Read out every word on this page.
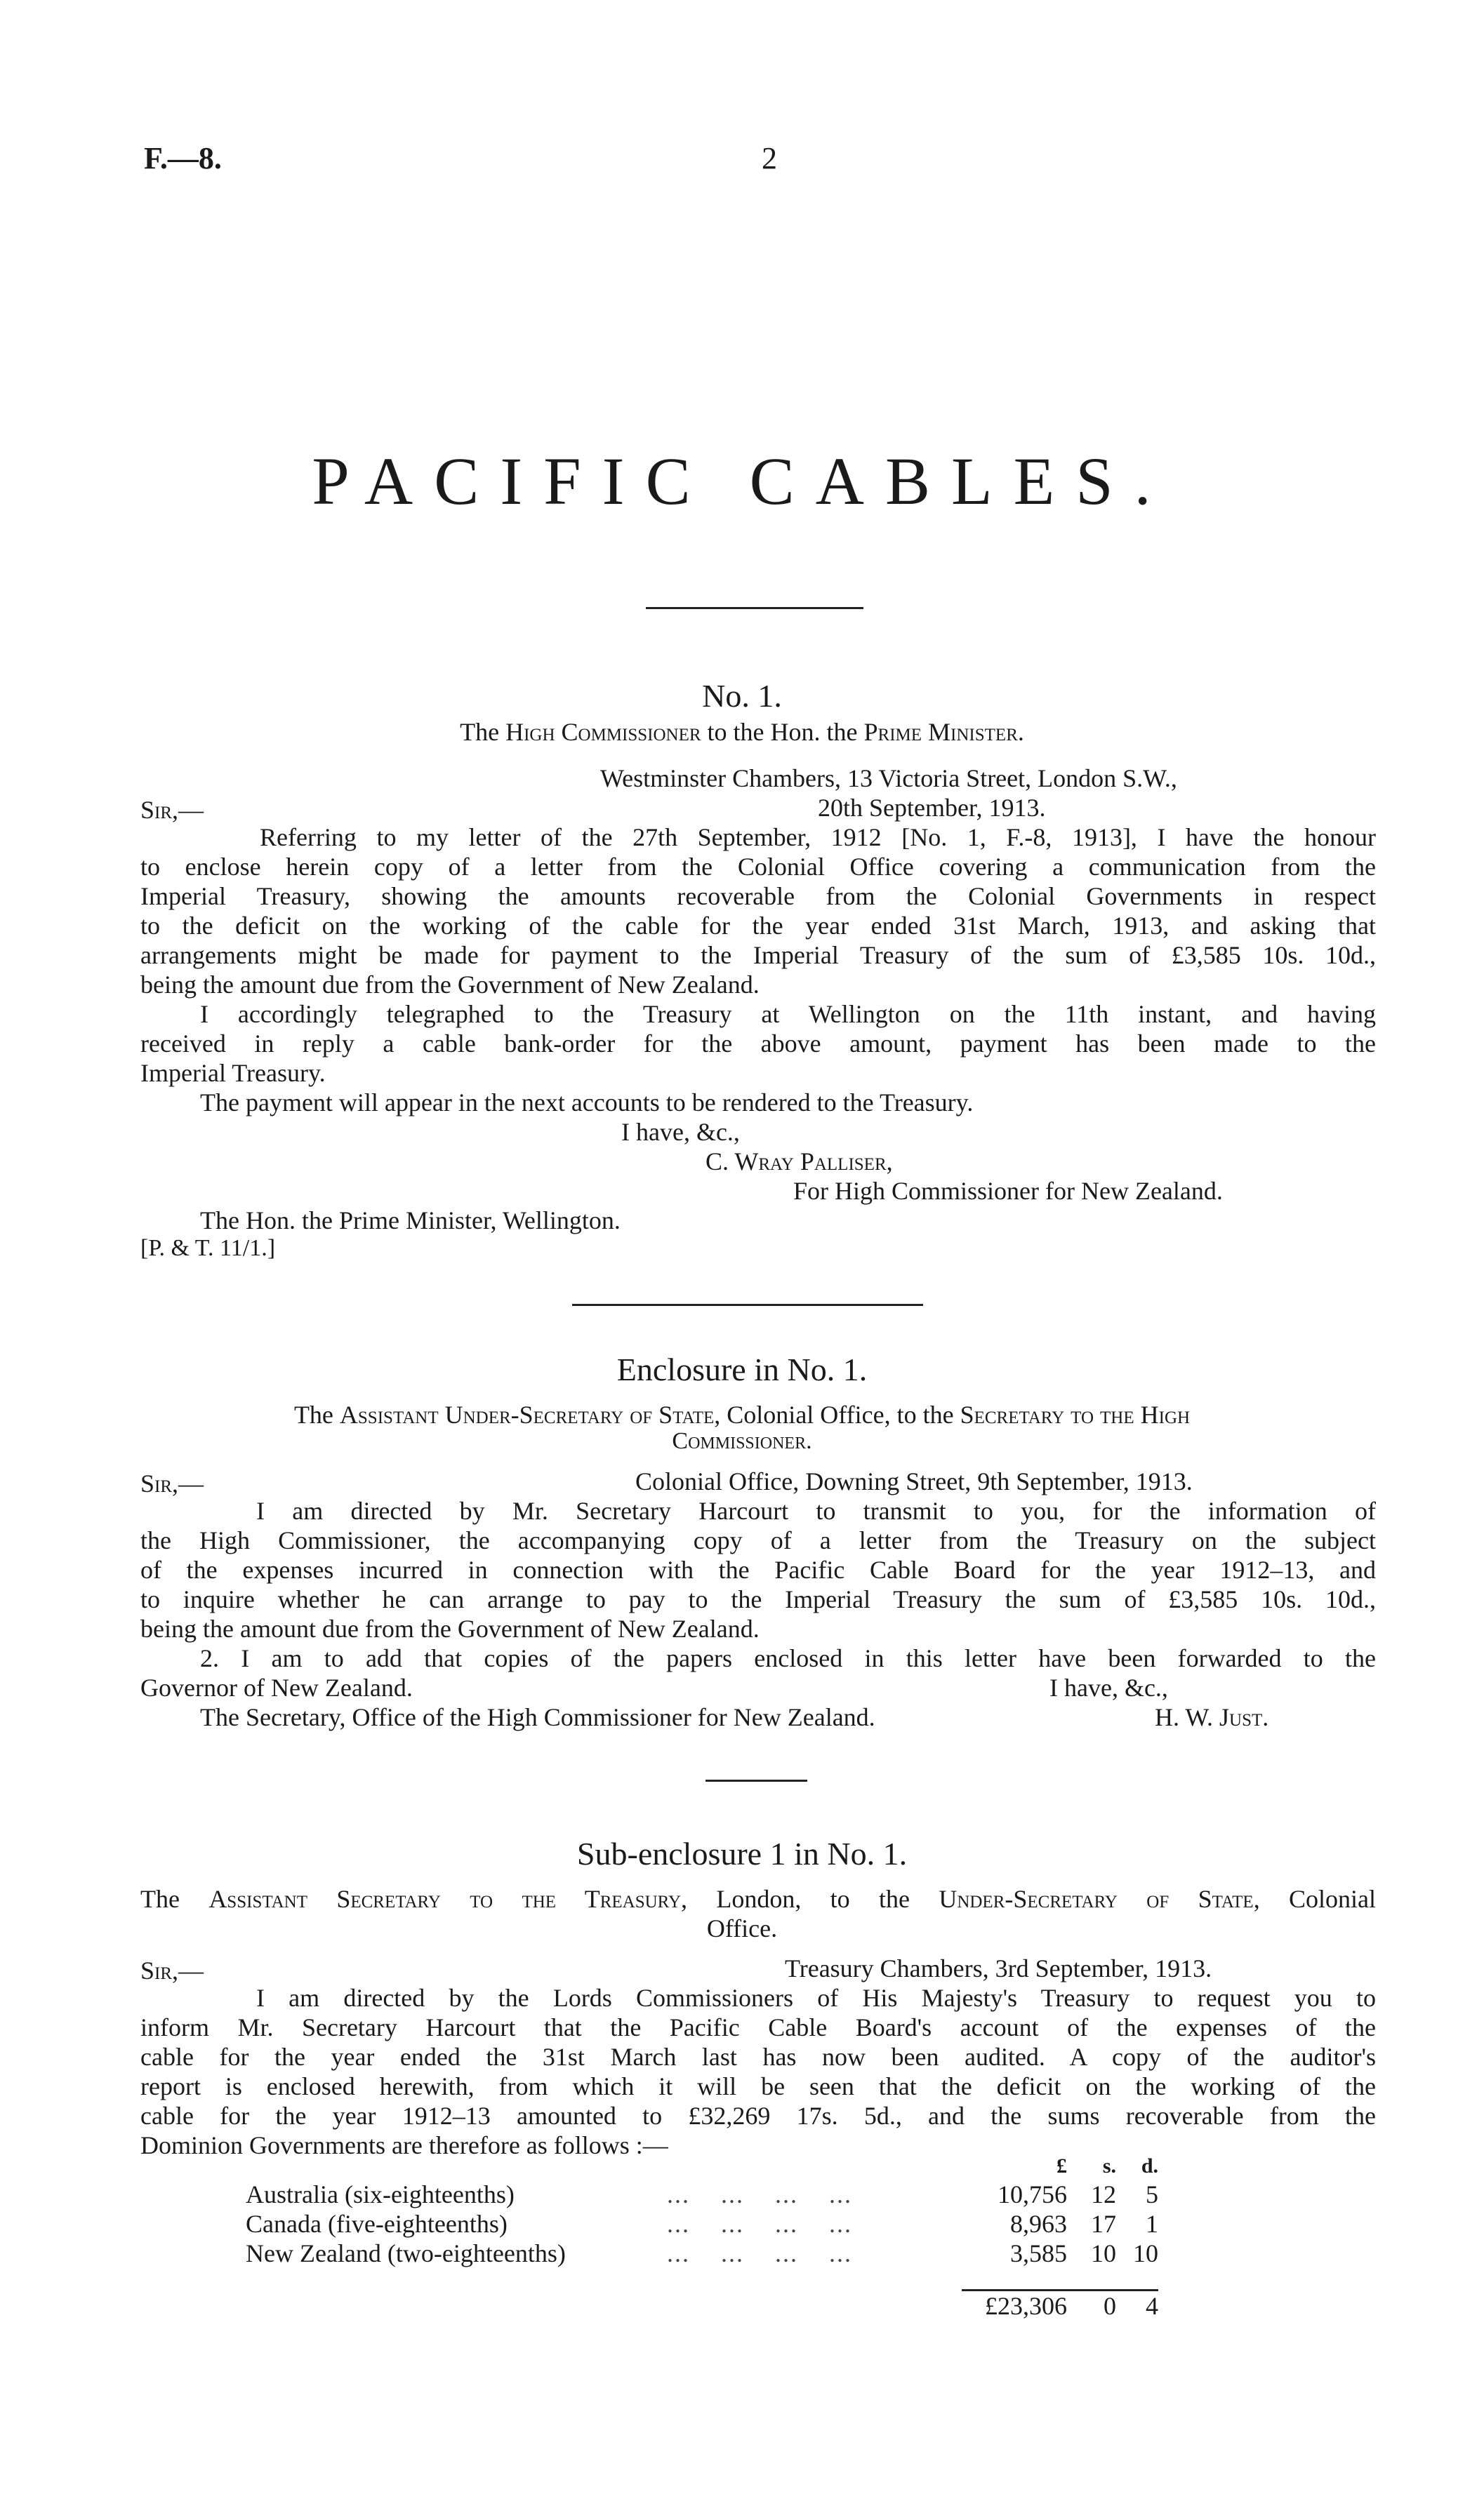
F.—8.	2
PACIFIC CABLES.
No. 1.
The High Commissioner to the Hon. the Prime Minister.
Westminster Chambers, 13 Victoria Street, London S.W.,
Sir,—	20th September, 1913.
Referring to my letter of the 27th September, 1912 [No. 1, F.-8, 1913], I have the honour
to enclose herein copy of a letter from the Colonial Office covering a communication from the
Imperial Treasury, showing the amounts recoverable from the Colonial Governments in respect
to the deficit on the working of the cable for the year ended 31st March, 1913, and asking that
arrangements might be made for payment to the Imperial Treasury of the sum of £3,585 10s. 10d.,
being the amount due from the Government of New Zealand.
I accordingly telegraphed to the Treasury at Wellington on the 11th instant, and having
received in reply a cable bank-order for the above amount, payment has been made to the
Imperial Treasury.
The payment will appear in the next accounts to be rendered to the Treasury.
I have, &c.,
C. Wray Palliser,
For High Commissioner for New Zealand.
The Hon. the Prime Minister, Wellington.
[P. & T. 11/1.]
Enclosure in No. 1.
The Assistant Under-Secretary of State, Colonial Office, to the Secretary to the High
Commissioner.
Sir,—	Colonial Office, Downing Street, 9th September, 1913.
I am directed by Mr. Secretary Harcourt to transmit to you, for the information of
the High Commissioner, the accompanying copy of a letter from the Treasury on the subject
of the expenses incurred in connection with the Pacific Cable Board for the year 1912–13, and
to inquire whether he can arrange to pay to the Imperial Treasury the sum of £3,585 10s. 10d.,
being the amount due from the Government of New Zealand.
2. I am to add that copies of the papers enclosed in this letter have been forwarded to the
Governor of New Zealand.	I have, &c.,
The Secretary, Office of the High Commissioner for New Zealand.	H. W. Just.
Sub-enclosure 1 in No. 1.
The Assistant Secretary to the Treasury, London, to the Under-Secretary of State, Colonial
Office.
Sir,—	Treasury Chambers, 3rd September, 1913.
I am directed by the Lords Commissioners of His Majesty's Treasury to request you to
inform Mr. Secretary Harcourt that the Pacific Cable Board's account of the expenses of the
cable for the year ended the 31st March last has now been audited. A copy of the auditor's
report is enclosed herewith, from which it will be seen that the deficit on the working of the
cable for the year 1912–13 amounted to £32,269 17s. 5d., and the sums recoverable from the
Dominion Governments are therefore as follows :—
		£	s.	d.
Australia (six-eighteenths)	...    ...    ...    ...	10,756	12	5
Canada (five-eighteenths)	...    ...    ...    ...	8,963	17	1
New Zealand (two-eighteenths)	...    ...    ...    ...	3,585	10	10

		£23,306	0	4
